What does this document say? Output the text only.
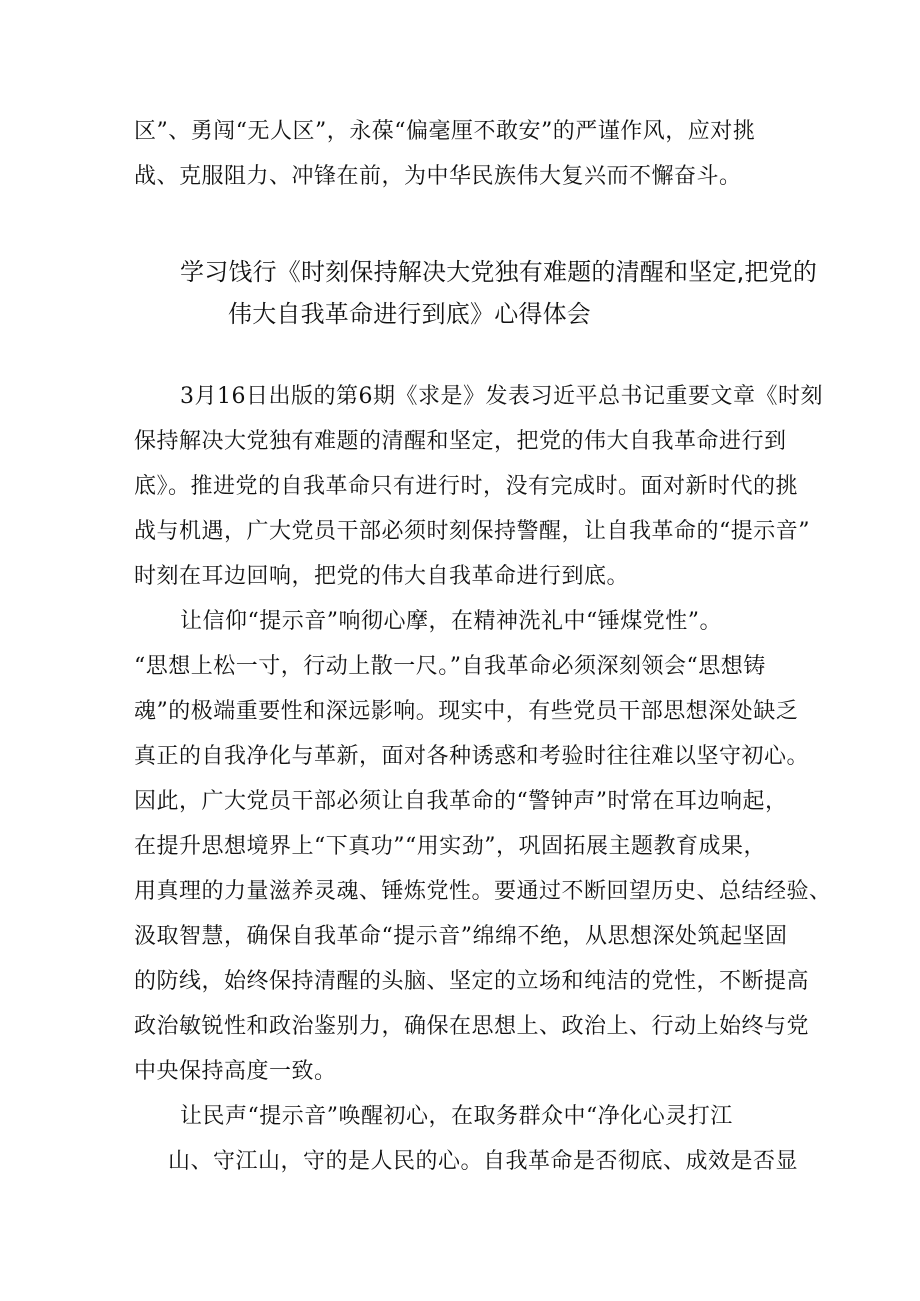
区”、勇闯“无人区”，永葆“偏毫厘不敢安”的严谨作风，应对挑
战、克服阻力、冲锋在前，为中华民族伟大复兴而不懈奋斗。
学习饯行《时刻保持解决大党独有难题的清醒和坚定,把党的
伟大自我革命进行到底》心得体会
3月16日出版的第6期《求是》发表习近平总书记重要文章《时刻
保持解决大党独有难题的清醒和坚定，把党的伟大自我革命进行到
底》。推进党的自我革命只有进行时，没有完成时。面对新时代的挑
战与机遇，广大党员干部必须时刻保持警醒，让自我革命的“提示音”
时刻在耳边回响，把党的伟大自我革命进行到底。
让信仰“提示音”响彻心摩，在精神洗礼中“锤煤党性”。
“思想上松一寸，行动上散一尺。”自我革命必须深刻领会“思想铸
魂”的极端重要性和深远影响。现实中，有些党员干部思想深处缺乏
真正的自我净化与革新，面对各种诱惑和考验时往往难以坚守初心。
因此，广大党员干部必须让自我革命的“警钟声”时常在耳边响起，
在提升思想境界上“下真功”“用实劲”，巩固拓展主题教育成果，
用真理的力量滋养灵魂、锤炼党性。要通过不断回望历史、总结经验、
汲取智慧，确保自我革命“提示音”绵绵不绝，从思想深处筑起坚固
的防线，始终保持清醒的头脑、坚定的立场和纯洁的党性，不断提高
政治敏锐性和政治鉴别力，确保在思想上、政治上、行动上始终与党
中央保持高度一致。
让民声“提示音”唤醒初心，在取务群众中“净化心灵打江
山、守江山，守的是人民的心。自我革命是否彻底、成效是否显
